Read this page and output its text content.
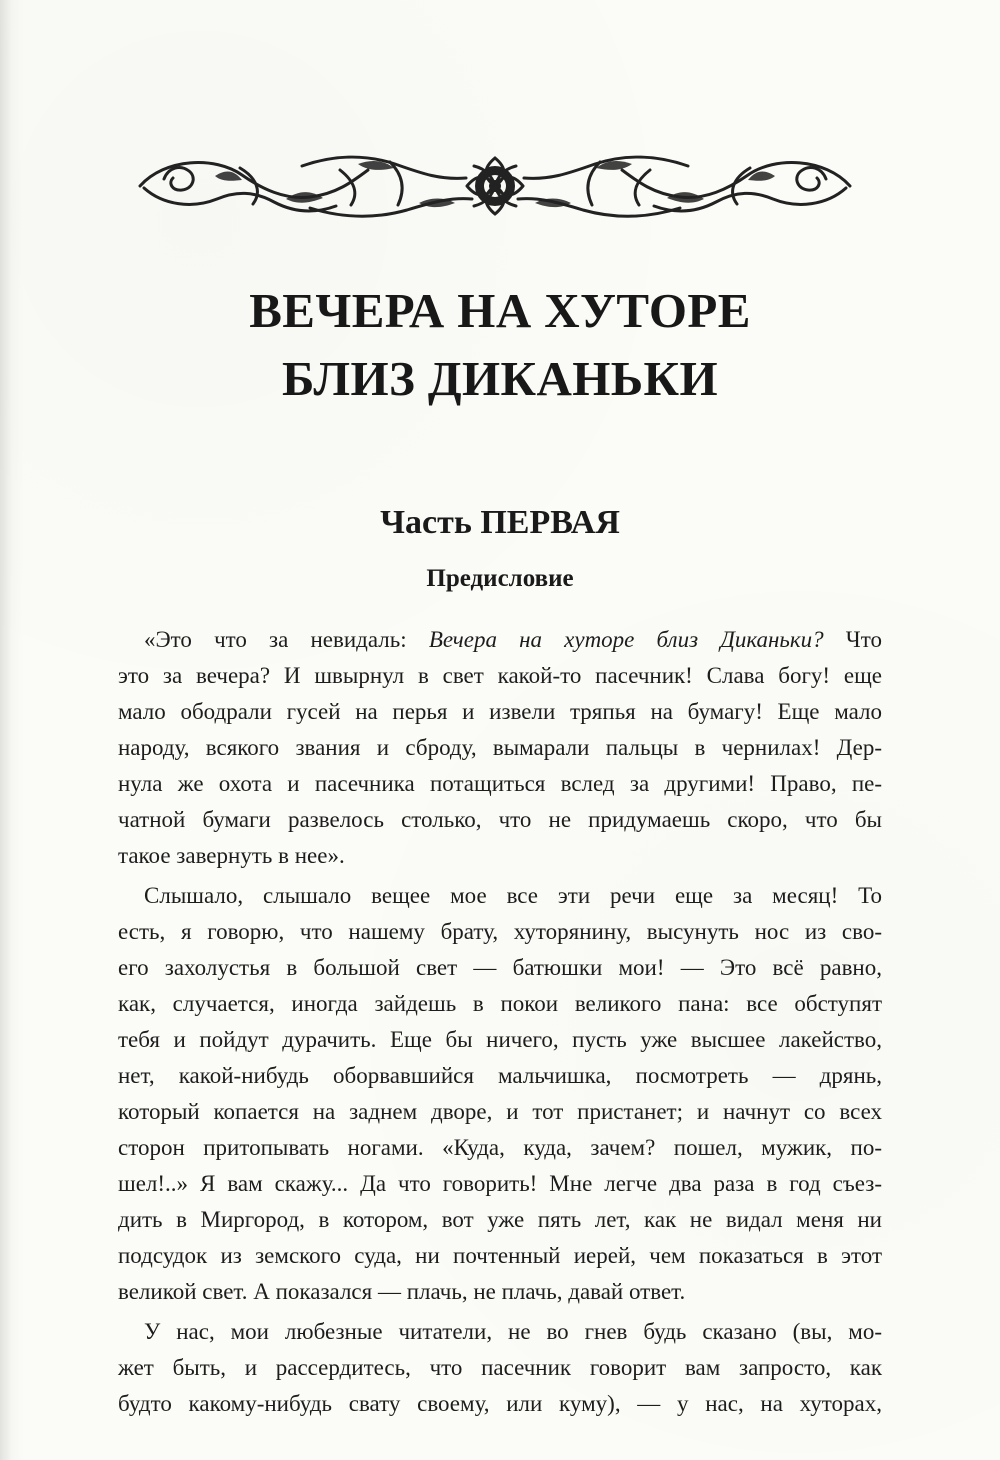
ВЕЧЕРА НА ХУТОРЕ
БЛИЗ ДИКАНЬКИ
Часть ПЕРВАЯ
Предисловие
«Это что за невидаль: Вечера на хуторе близ Диканьки? Что
это за вечера? И швырнул в свет какой-то пасечник! Слава богу! еще
мало ободрали гусей на перья и извели тряпья на бумагу! Еще мало
народу, всякого звания и сброду, вымарали пальцы в чернилах! Дер-
нула же охота и пасечника потащиться вслед за другими! Право, пе-
чатной бумаги развелось столько, что не придумаешь скоро, что бы
такое завернуть в нее».
Слышало, слышало вещее мое все эти речи еще за месяц! То
есть, я говорю, что нашему брату, хуторянину, высунуть нос из сво-
его захолустья в большой свет — батюшки мои! — Это всё равно,
как, случается, иногда зайдешь в покои великого пана: все обступят
тебя и пойдут дурачить. Еще бы ничего, пусть уже высшее лакейство,
нет, какой-нибудь оборвавшийся мальчишка, посмотреть — дрянь,
который копается на заднем дворе, и тот пристанет; и начнут со всех
сторон притопывать ногами. «Куда, куда, зачем? пошел, мужик, по-
шел!..» Я вам скажу... Да что говорить! Мне легче два раза в год съез-
дить в Миргород, в котором, вот уже пять лет, как не видал меня ни
подсудок из земского суда, ни почтенный иерей, чем показаться в этот
великой свет. А показался — плачь, не плачь, давай ответ.
У нас, мои любезные читатели, не во гнев будь сказано (вы, мо-
жет быть, и рассердитесь, что пасечник говорит вам запросто, как
будто какому-нибудь свату своему, или куму), — у нас, на хуторах,
